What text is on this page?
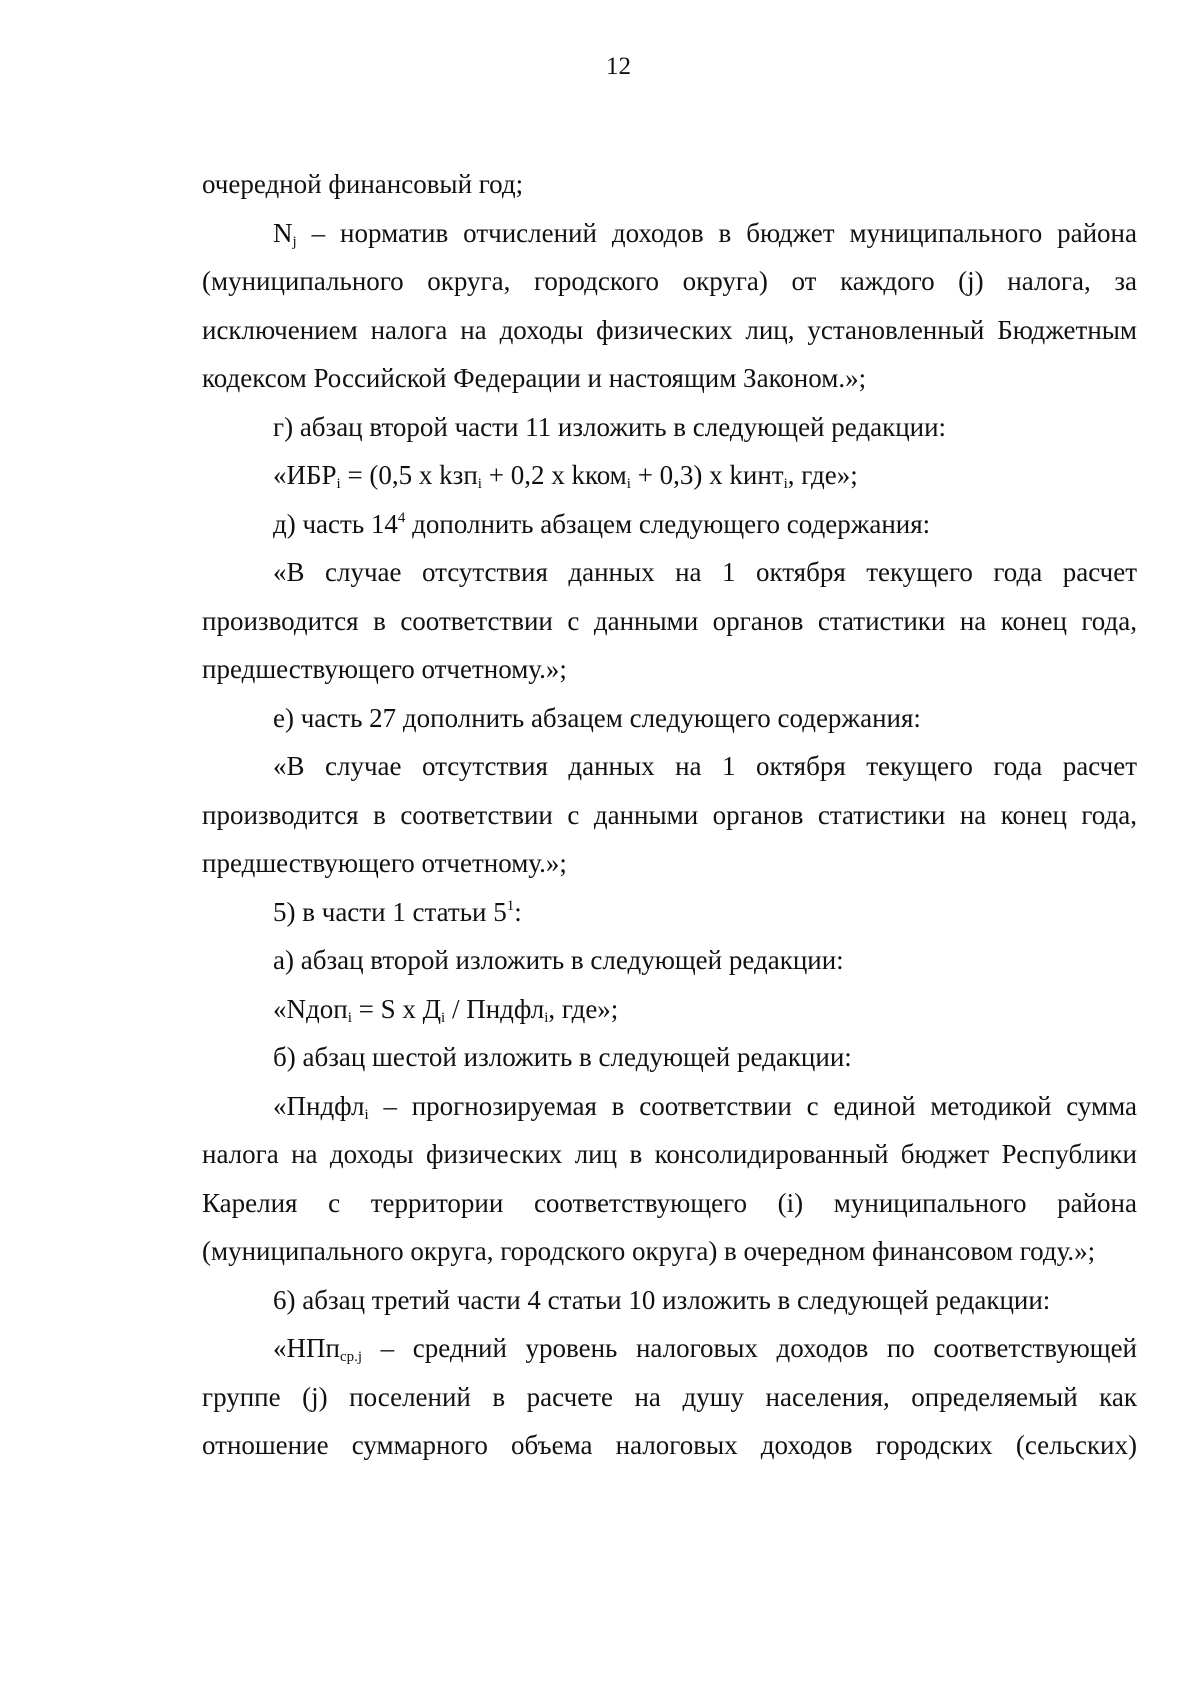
12

очередной финансовый год;

$N_j$ – норматив отчислений доходов в бюджет муниципального района (муниципального округа, городского округа) от каждого (j) налога, за исключением налога на доходы физических лиц, установленный Бюджетным кодексом Российской Федерации и настоящим Законом.»;

г) абзац второй части 11 изложить в следующей редакции:

«$ИБР_i = (0,5$ x kзп$_i$ + 0,2 x kком$_i$ + 0,3) x kинт$_i$, где»;

д) часть $14^4$ дополнить абзацем следующего содержания:

«В случае отсутствия данных на 1 октября текущего года расчет производится в соответствии с данными органов статистики на конец года, предшествующего отчетному.»;

е) часть 27 дополнить абзацем следующего содержания:

«В случае отсутствия данных на 1 октября текущего года расчет производится в соответствии с данными органов статистики на конец года, предшествующего отчетному.»;

5) в части 1 статьи $5^1$:

а) абзац второй изложить в следующей редакции:

«Nдоп$_i$ = S x $Д_i$ / Пндфл$_i$, где»;

б) абзац шестой изложить в следующей редакции:

«Пндфл$_i$ – прогнозируемая в соответствии с единой методикой сумма налога на доходы физических лиц в консолидированный бюджет Республики Карелия с территории соответствующего (i) муниципального района (муниципального округа, городского округа) в очередном финансовом году.»;

6) абзац третий части 4 статьи 10 изложить в следующей редакции:

«НПп$_{ср.j}$ – средний уровень налоговых доходов по соответствующей группе (j) поселений в расчете на душу населения, определяемый как отношение суммарного объема налоговых доходов городских (сельских)
